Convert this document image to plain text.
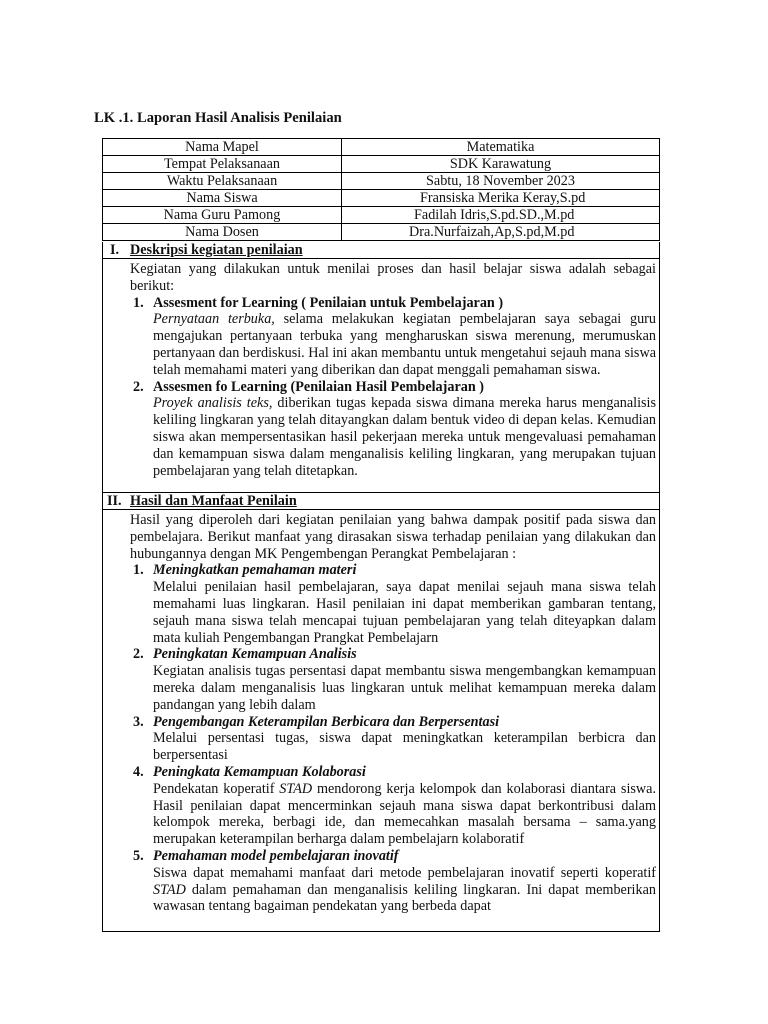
LK .1. Laporan Hasil Analisis Penilaian
Nama Mapel	Matematika
Tempat Pelaksanaan	SDK Karawatung
Waktu Pelaksanaan	Sabtu, 18 November 2023
Nama Siswa	Fransiska Merika Keray,S.pd
Nama Guru Pamong	Fadilah Idris,S.pd.SD.,M.pd
Nama Dosen	Dra.Nurfaizah,Ap,S.pd,M.pd
I. Deskripsi kegiatan penilaian

Kegiatan yang dilakukan untuk menilai proses dan hasil belajar siswa adalah sebagai berikut:

1. Assesment for Learning ( Penilaian untuk Pembelajaran )

Pernyataan terbuka, selama melakukan kegiatan pembelajaran saya sebagai guru mengajukan pertanyaan terbuka yang mengharuskan siswa merenung, merumuskan pertanyaan dan berdiskusi. Hal ini akan membantu untuk mengetahui sejauh mana siswa telah memahami materi yang diberikan dan dapat menggali pemahaman siswa.

2. Assesmen fo Learning (Penilaian Hasil Pembelajaran )

Proyek analisis teks, diberikan tugas kepada siswa dimana mereka harus menganalisis keliling lingkaran yang telah ditayangkan dalam bentuk video di depan kelas. Kemudian siswa akan mempersentasikan hasil pekerjaan mereka untuk mengevaluasi pemahaman dan kemampuan siswa dalam menganalisis keliling lingkaran, yang merupakan tujuan pembelajaran yang telah ditetapkan.

II. Hasil dan Manfaat Penilain

Hasil yang diperoleh dari kegiatan penilaian yang bahwa dampak positif pada siswa dan pembelajara. Berikut manfaat yang dirasakan siswa terhadap penilaian yang dilakukan dan hubungannya dengan MK Pengembengan Perangkat Pembelajaran :

1. Meningkatkan pemahaman materi

Melalui penilaian hasil pembelajaran, saya dapat menilai sejauh mana siswa telah memahami luas lingkaran. Hasil penilaian ini dapat memberikan gambaran tentang, sejauh mana siswa telah mencapai tujuan pembelajaran yang telah diteyapkan dalam mata kuliah Pengembangan Prangkat Pembelajarn

2. Peningkatan Kemampuan Analisis

Kegiatan analisis tugas persentasi dapat membantu siswa mengembangkan kemampuan mereka dalam menganalisis luas lingkaran untuk melihat kemampuan mereka dalam pandangan yang lebih dalam

3. Pengembangan Keterampilan Berbicara dan Berpersentasi

Melalui persentasi tugas, siswa dapat meningkatkan keterampilan berbicra dan berpersentasi

4. Peningkata Kemampuan Kolaborasi

Pendekatan koperatif STAD mendorong kerja kelompok dan kolaborasi diantara siswa. Hasil penilaian dapat mencerminkan sejauh mana siswa dapat berkontribusi dalam kelompok mereka, berbagi ide, dan memecahkan masalah bersama – sama.yang merupakan keterampilan berharga dalam pembelajarn kolaboratif

5. Pemahaman model pembelajaran inovatif

Siswa dapat memahami manfaat dari metode pembelajaran inovatif seperti koperatif STAD dalam pemahaman dan menganalisis keliling lingkaran. Ini dapat memberikan wawasan tentang bagaiman pendekatan yang berbeda dapat
